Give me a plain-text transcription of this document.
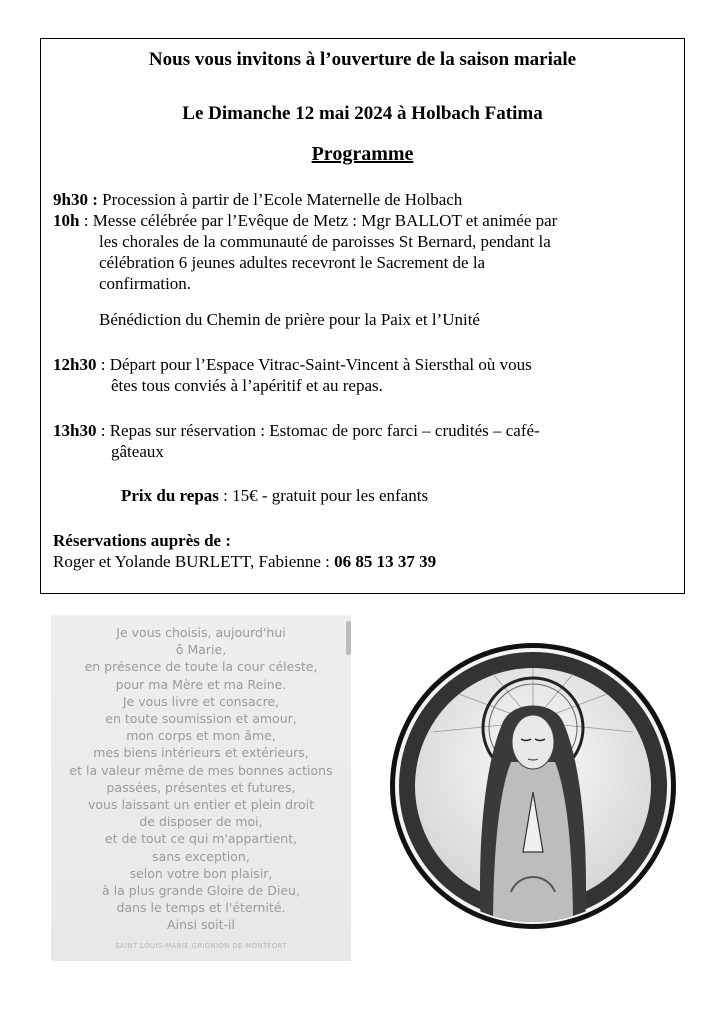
Nous vous invitons à l’ouverture de la saison mariale
Le Dimanche 12 mai 2024 à Holbach Fatima
Programme
9h30 : Procession à partir de l’Ecole Maternelle de Holbach
10h : Messe célébrée par l’Evêque de Metz : Mgr BALLOT et animée par
les chorales de la communauté de paroisses St Bernard, pendant la
célébration 6 jeunes adultes recevront le Sacrement de la
confirmation.
Bénédiction du Chemin de prière pour la Paix et l’Unité
12h30 : Départ pour l’Espace Vitrac-Saint-Vincent à Siersthal où vous
êtes tous conviés à l’apéritif et au repas.
13h30 : Repas sur réservation : Estomac de porc farci – crudités – café-
gâteaux
Prix du repas : 15€ - gratuit pour les enfants
Réservations auprès de :
Roger et Yolande BURLETT, Fabienne : 06 85 13 37 39
Je vous choisis, aujourd'hui
ô Marie,
en présence de toute la cour céleste,
pour ma Mère et ma Reine.
Je vous livre et consacre,
en toute soumission et amour,
mon corps et mon âme,
mes biens intérieurs et extérieurs,
et la valeur même de mes bonnes actions
passées, présentes et futures,
vous laissant un entier et plein droit
de disposer de moi,
et de tout ce qui m'appartient,
sans exception,
selon votre bon plaisir,
à la plus grande Gloire de Dieu,
dans le temps et l'éternité.
Ainsi soit-il
SAINT LOUIS-MARIE GRIGNION DE MONTFORT
